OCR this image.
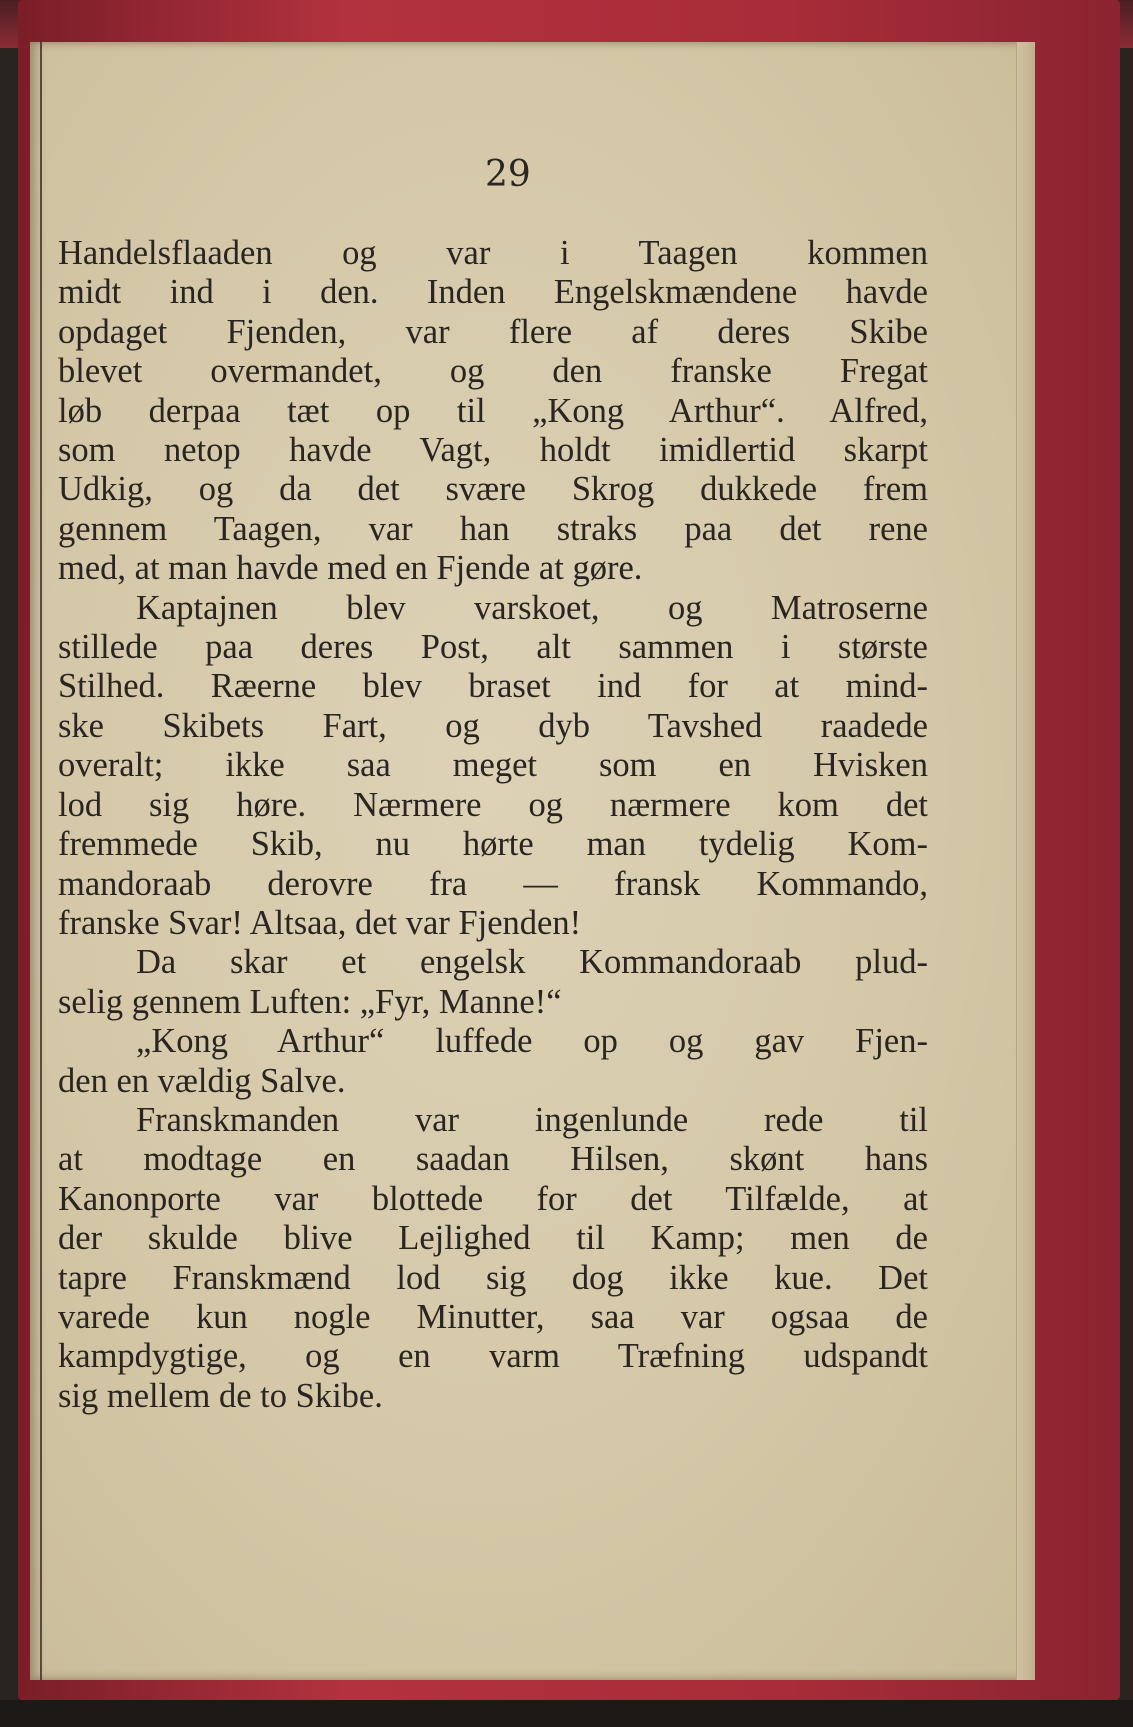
29
Handelsflaaden og var i Taagen kommen
midt ind i den. Inden Engelskmændene havde
opdaget Fjenden, var flere af deres Skibe
blevet overmandet, og den franske Fregat
løb derpaa tæt op til „Kong Arthur“. Alfred,
som netop havde Vagt, holdt imidlertid skarpt
Udkig, og da det svære Skrog dukkede frem
gennem Taagen, var han straks paa det rene
med, at man havde med en Fjende at gøre.
Kaptajnen blev varskoet, og Matroserne
stillede paa deres Post, alt sammen i største
Stilhed. Ræerne blev braset ind for at mind-
ske Skibets Fart, og dyb Tavshed raadede
overalt; ikke saa meget som en Hvisken
lod sig høre. Nærmere og nærmere kom det
fremmede Skib, nu hørte man tydelig Kom-
mandoraab derovre fra — fransk Kommando,
franske Svar! Altsaa, det var Fjenden!
Da skar et engelsk Kommandoraab plud-
selig gennem Luften: „Fyr, Manne!“
„Kong Arthur“ luffede op og gav Fjen-
den en vældig Salve.
Franskmanden var ingenlunde rede til
at modtage en saadan Hilsen, skønt hans
Kanonporte var blottede for det Tilfælde, at
der skulde blive Lejlighed til Kamp; men de
tapre Franskmænd lod sig dog ikke kue. Det
varede kun nogle Minutter, saa var ogsaa de
kampdygtige, og en varm Træfning udspandt
sig mellem de to Skibe.
